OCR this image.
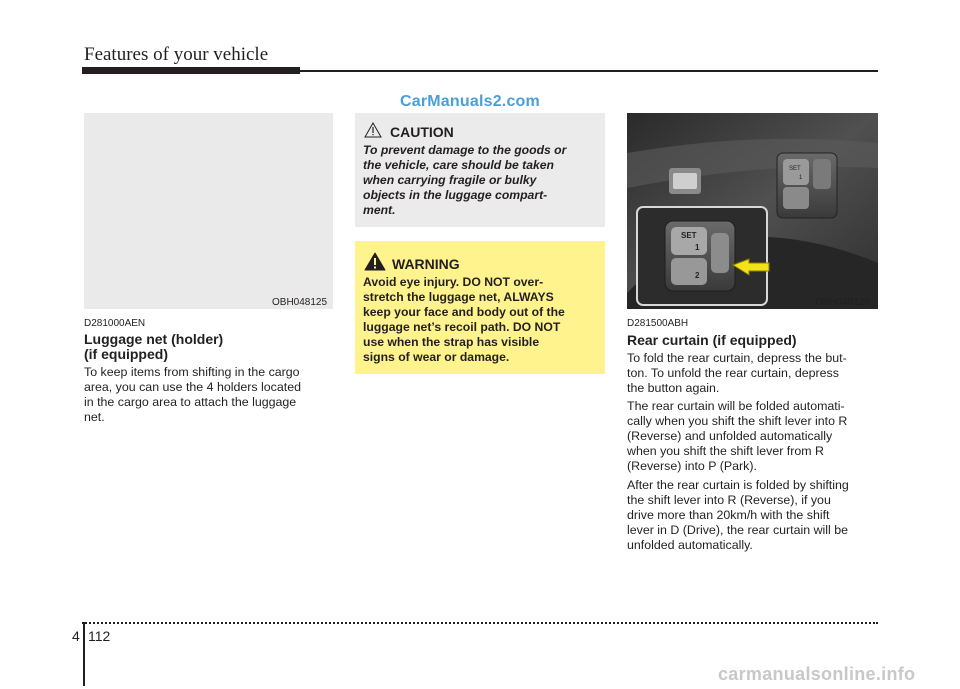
Features of your vehicle
CarManuals2.com
OBH048125
D281000AEN
Luggage net (holder)
(if equipped)
To keep items from shifting in the cargo
area, you can use the 4 holders located
in the cargo area to attach the luggage
net.
CAUTION
To prevent damage to the goods or
the vehicle, care should be taken
when carrying fragile or bulky
objects in the luggage compart-
ment.
WARNING
Avoid eye injury. DO NOT over-
stretch the luggage net, ALWAYS
keep your face and body out of the
luggage net’s recoil path. DO NOT
use when the strap has visible
signs of wear or damage.
SET
1
SET
1
2
OBH048126
D281500ABH
Rear curtain (if equipped)
To fold the rear curtain, depress the but-
ton. To unfold the rear curtain, depress
the button again.
The rear curtain will be folded automati-
cally when you shift the shift lever into R
(Reverse) and unfolded automatically
when you shift the shift lever from R
(Reverse) into P (Park).
After the rear curtain is folded by shifting
the shift lever into R (Reverse), if you
drive more than 20km/h with the shift
lever in D (Drive), the rear curtain will be
unfolded automatically.
4 112
carmanualsonline.info
